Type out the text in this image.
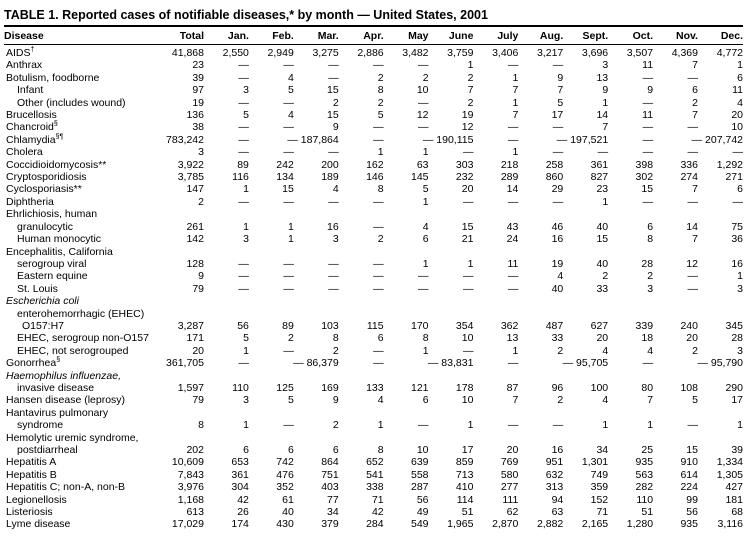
TABLE 1. Reported cases of notifiable diseases,* by month — United States, 2001
Disease	Total	Jan.	Feb.	Mar.	Apr.	May	June	July	Aug.	Sept.	Oct.	Nov.	Dec.
AIDS†	41,868	2,550	2,949	3,275	2,886	3,482	3,759	3,406	3,217	3,696	3,507	4,369	4,772
Anthrax	23	—	—	—	—	—	1	—	—	3	11	7	1
Botulism, foodborne	39	—	4	—	2	2	2	1	9	13	—	—	6
Infant	97	3	5	15	8	10	7	7	7	9	9	6	11
Other (includes wound)	19	—	—	2	2	—	2	1	5	1	—	2	4
Brucellosis	136	5	4	15	5	12	19	7	17	14	11	7	20
Chancroid§	38	—	—	9	—	—	12	—	—	7	—	—	10
Chlamydia§¶	783,242	—	— 187,864		—	— 190,115		—	— 197,521		—	— 207,742	
Cholera	3	—	—	—	1	1	—	1	—	—	—	—	—
Coccidioidomycosis**	3,922	89	242	200	162	63	303	218	258	361	398	336	1,292
Cryptosporidiosis	3,785	116	134	189	146	145	232	289	860	827	302	274	271
Cyclosporiasis**	147	1	15	4	8	5	20	14	29	23	15	7	6
Diphtheria	2	—	—	—	—	1	—	—	—	1	—	—	—
Ehrlichiosis, human													
granulocytic	261	1	1	16	—	4	15	43	46	40	6	14	75
Human monocytic	142	3	1	3	2	6	21	24	16	15	8	7	36
Encephalitis, California													
serogroup viral	128	—	—	—	—	1	1	11	19	40	28	12	16
Eastern equine	9	—	—	—	—	—	—	—	4	2	2	—	1
St. Louis	79	—	—	—	—	—	—	—	40	33	3	—	3
Escherichia coli													
enterohemorrhagic (EHEC)													
O157:H7	3,287	56	89	103	115	170	354	362	487	627	339	240	345
EHEC, serogroup non-O157	171	5	2	8	6	8	10	13	33	20	18	20	28
EHEC, not serogrouped	20	1	—	2	—	1	—	1	2	4	4	2	3
Gonorrhea§	361,705	—	— 86,379		—	— 83,831		—	— 95,705		—	— 95,790	
Haemophilus influenzae,													
invasive disease	1,597	110	125	169	133	121	178	87	96	100	80	108	290
Hansen disease (leprosy)	79	3	5	9	4	6	10	7	2	4	7	5	17
Hantavirus pulmonary													
syndrome	8	1	—	2	1	—	1	—	—	1	1	—	1
Hemolytic uremic syndrome,													
postdiarrheal	202	6	6	6	8	10	17	20	16	34	25	15	39
Hepatitis A	10,609	653	742	864	652	639	859	769	951	1,301	935	910	1,334
Hepatitis B	7,843	361	476	751	541	558	713	580	632	749	563	614	1,305
Hepatitis C; non-A, non-B	3,976	304	352	403	338	287	410	277	313	359	282	224	427
Legionellosis	1,168	42	61	77	71	56	114	111	94	152	110	99	181
Listeriosis	613	26	40	34	42	49	51	62	63	71	51	56	68
Lyme disease	17,029	174	430	379	284	549	1,965	2,870	2,882	2,165	1,280	935	3,116
